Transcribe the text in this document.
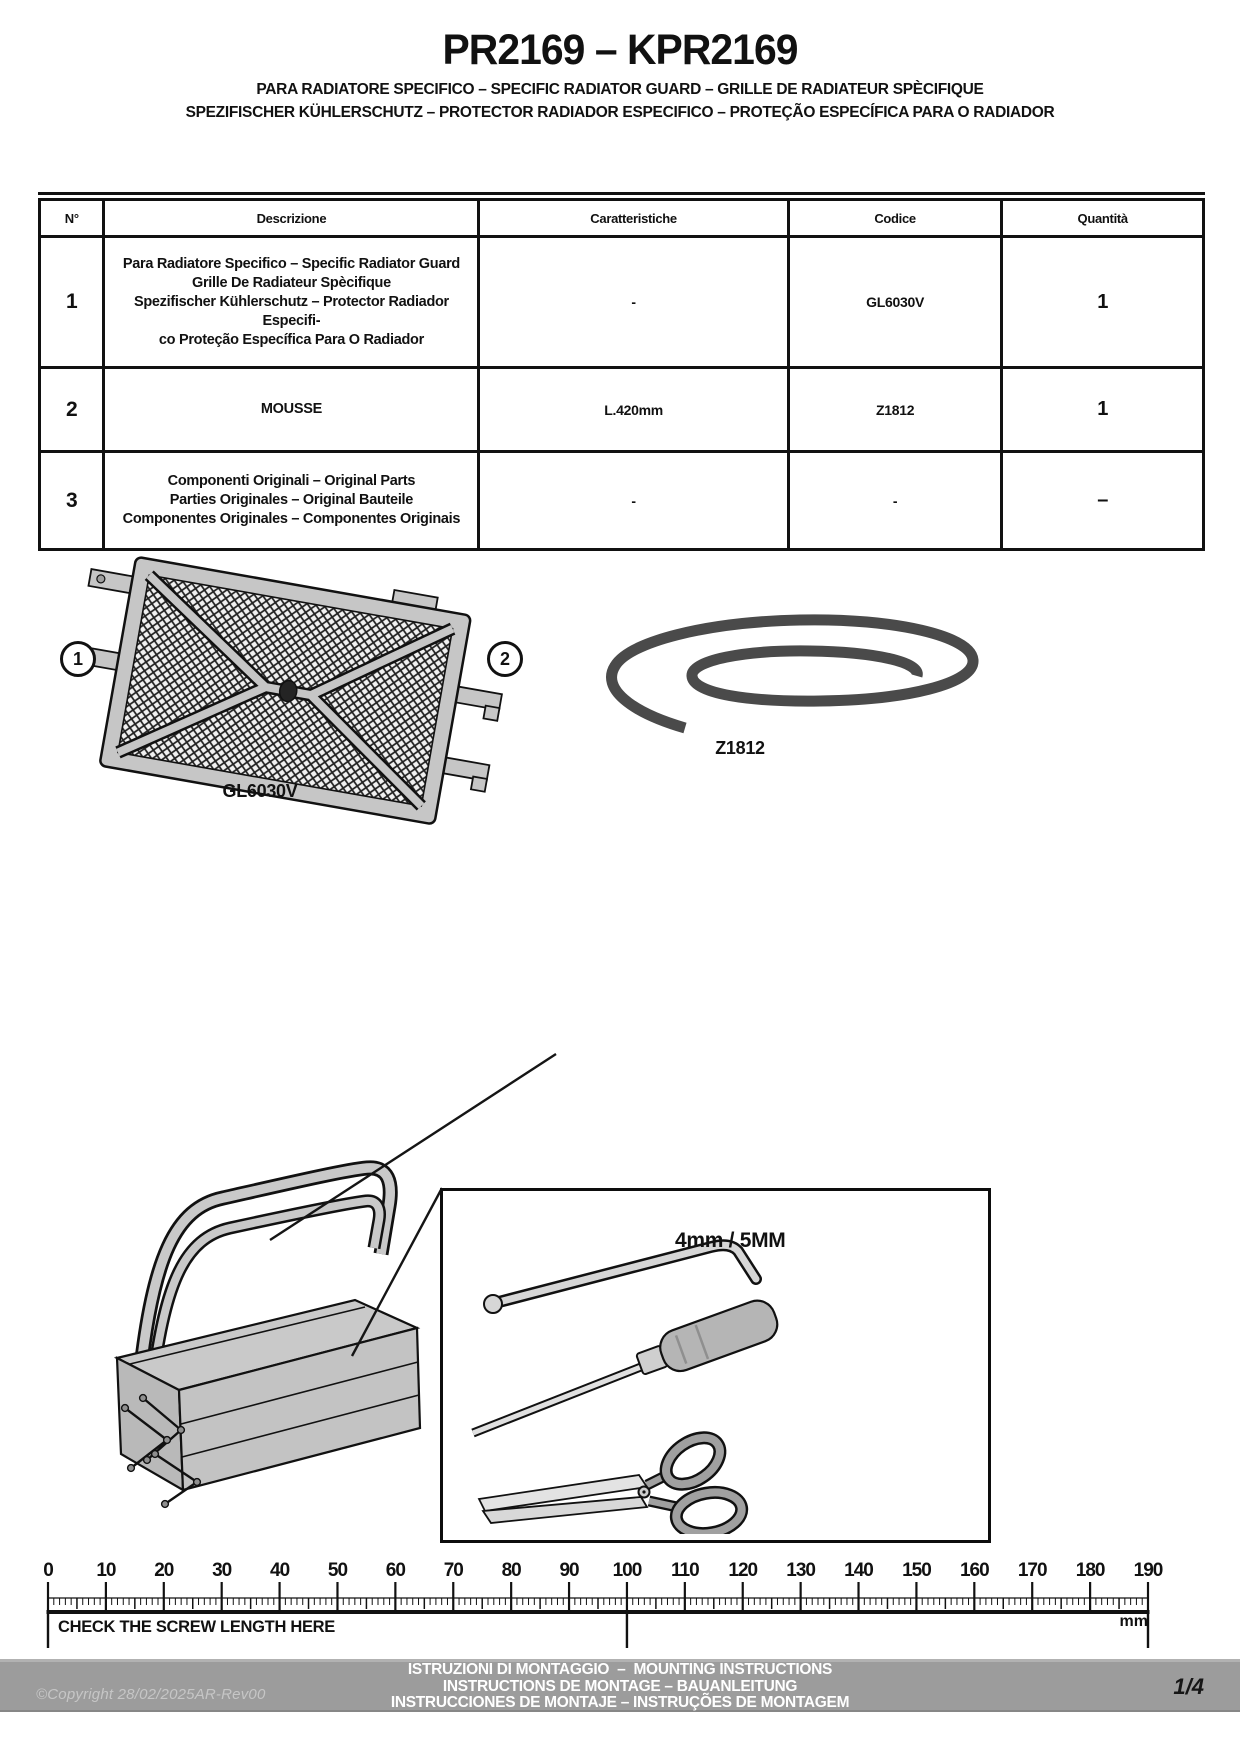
PR2169 – KPR2169
PARA RADIATORE SPECIFICO – SPECIFIC RADIATOR GUARD – GRILLE DE RADIATEUR SPÈCIFIQUE
SPEZIFISCHER KÜHLERSCHUTZ – PROTECTOR RADIADOR ESPECIFICO – PROTEÇÃO ESPECÍFICA PARA O RADIADOR
N°	Descrizione	Caratteristiche	Codice	Quantità
1	Para Radiatore Specifico – Specific Radiator Guard
Grille De Radiateur Spècifique
Spezifischer Kühlerschutz – Protector Radiador Especifi-
co Proteção Específica Para O Radiador	-	GL6030V	1
2	MOUSSE	L.420mm	Z1812	1
3	Componenti Originali – Original Parts
Parties Originales – Original Bauteile
Componentes Originales – Componentes Originais	-	-	–
1	2
GL6030V
Z1812
4mm / 5MM
0 10 20 30 40 50 60 70 80 90 100 110 120 130 140 150 160 170 180 190
CHECK THE SCREW LENGTH HERE	mm
ISTRUZIONI DI MONTAGGIO  –  MOUNTING INSTRUCTIONS
INSTRUCTIONS DE MONTAGE – BAUANLEITUNG
INSTRUCCIONES DE MONTAJE – INSTRUÇÕES DE MONTAGEM
©Copyright 28/02/2025AR-Rev00	1/4
